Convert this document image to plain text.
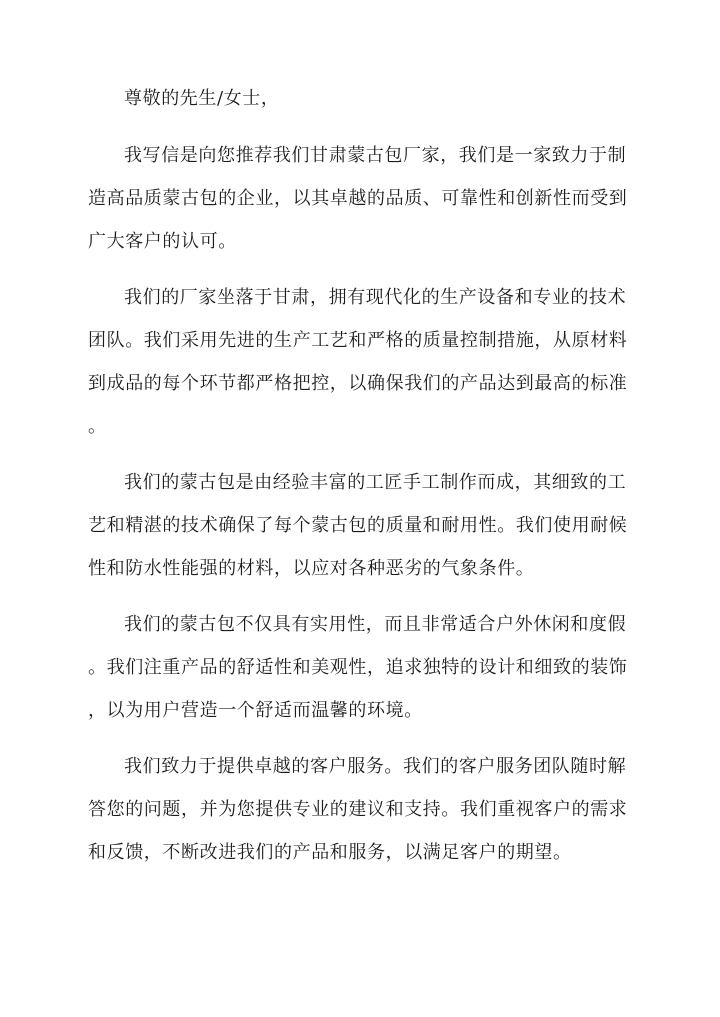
尊敬的先生/女士，
我写信是向您推荐我们甘肃蒙古包厂家，我们是一家致力于制
造高品质蒙古包的企业，以其卓越的品质、可靠性和创新性而受到
广大客户的认可。
我们的厂家坐落于甘肃，拥有现代化的生产设备和专业的技术
团队。我们采用先进的生产工艺和严格的质量控制措施，从原材料
到成品的每个环节都严格把控，以确保我们的产品达到最高的标准
。
我们的蒙古包是由经验丰富的工匠手工制作而成，其细致的工
艺和精湛的技术确保了每个蒙古包的质量和耐用性。我们使用耐候
性和防水性能强的材料，以应对各种恶劣的气象条件。
我们的蒙古包不仅具有实用性，而且非常适合户外休闲和度假
。我们注重产品的舒适性和美观性，追求独特的设计和细致的装饰
，以为用户营造一个舒适而温馨的环境。
我们致力于提供卓越的客户服务。我们的客户服务团队随时解
答您的问题，并为您提供专业的建议和支持。我们重视客户的需求
和反馈，不断改进我们的产品和服务，以满足客户的期望。
